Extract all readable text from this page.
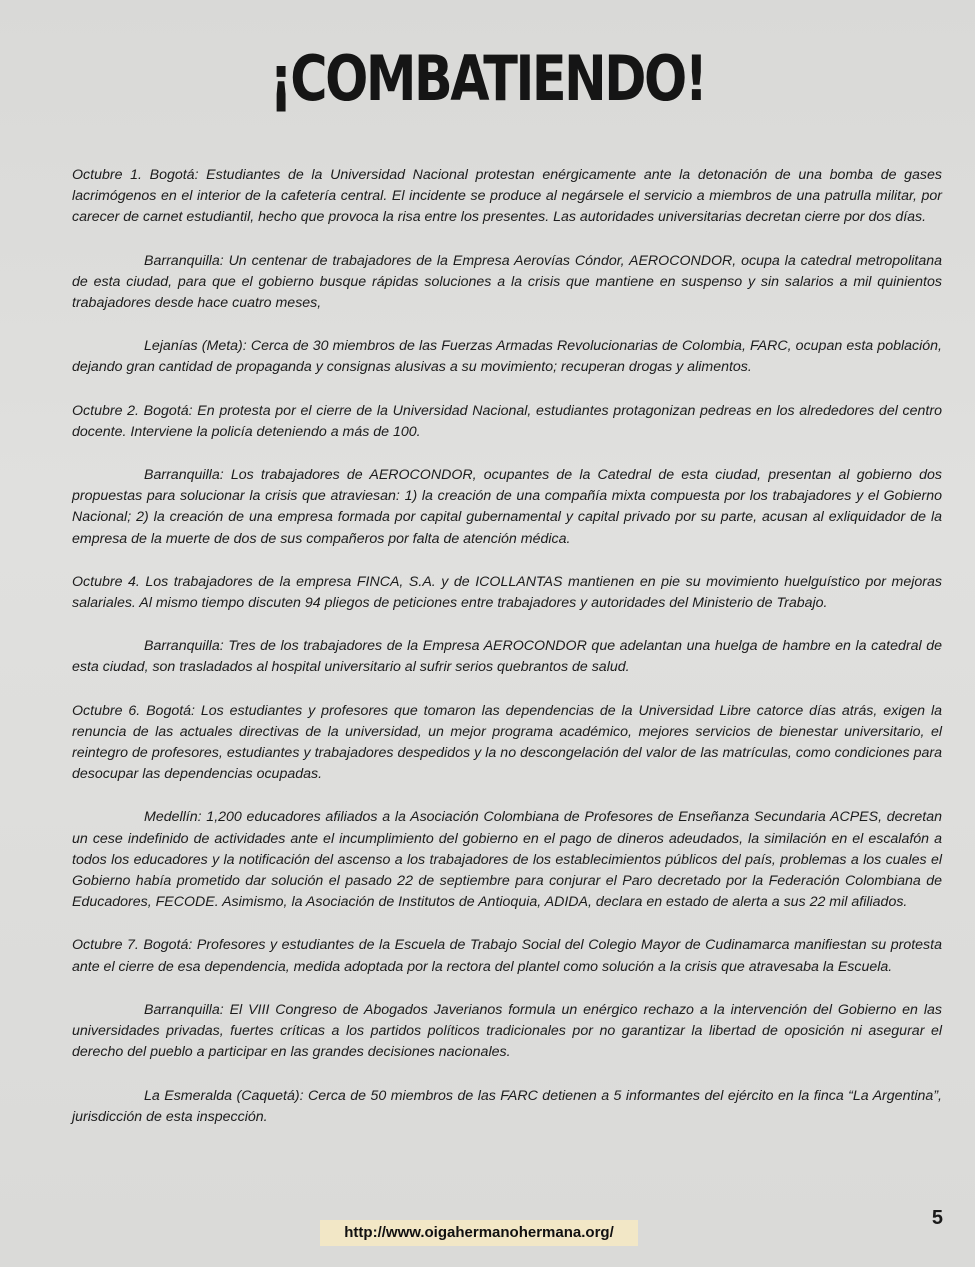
¡COMBATIENDO!

Octubre 1. Bogotá: Estudiantes de la Universidad Nacional protestan enérgicamente ante la detonación de una bomba de gases lacrimógenos en el interior de la cafetería central. El incidente se produce al negársele el servicio a miembros de una patrulla militar, por carecer de carnet estudiantil, hecho que provoca la risa entre los presentes. Las autoridades universitarias decretan cierre por dos días.

Barranquilla: Un centenar de trabajadores de la Empresa Aerovías Cóndor, AEROCONDOR, ocupa la catedral metropolitana de esta ciudad, para que el gobierno busque rápidas soluciones a la crisis que mantiene en suspenso y sin salarios a mil quinientos trabajadores desde hace cuatro meses,

Lejanías (Meta): Cerca de 30 miembros de las Fuerzas Armadas Revolucionarias de Colombia, FARC, ocupan esta población, dejando gran cantidad de propaganda y consignas alusivas a su movimiento; recuperan drogas y alimentos.

Octubre 2. Bogotá: En protesta por el cierre de la Universidad Nacional, estudiantes protagonizan pedreas en los alrededores del centro docente. Interviene la policía deteniendo a más de 100.

Barranquilla: Los trabajadores de AEROCONDOR, ocupantes de la Catedral de esta ciudad, presentan al gobierno dos propuestas para solucionar la crisis que atraviesan: 1) la creación de una compañía mixta compuesta por los trabajadores y el Gobierno Nacional; 2) la creación de una empresa formada por capital gubernamental y capital privado por su parte, acusan al exliquidador de la empresa de la muerte de dos de sus compañeros por falta de atención médica.

Octubre 4. Los trabajadores de la empresa FINCA, S.A. y de ICOLLANTAS mantienen en pie su movimiento huelguístico por mejoras salariales. Al mismo tiempo discuten 94 pliegos de peticiones entre trabajadores y autoridades del Ministerio de Trabajo.

Barranquilla: Tres de los trabajadores de la Empresa AEROCONDOR que adelantan una huelga de hambre en la catedral de esta ciudad, son trasladados al hospital universitario al sufrir serios quebrantos de salud.

Octubre 6. Bogotá: Los estudiantes y profesores que tomaron las dependencias de la Universidad Libre catorce días atrás, exigen la renuncia de las actuales directivas de la universidad, un mejor programa académico, mejores servicios de bienestar universitario, el reintegro de profesores, estudiantes y trabajadores despedidos y la no descongelación del valor de las matrículas, como condiciones para desocupar las dependencias ocupadas.

Medellín: 1,200 educadores afiliados a la Asociación Colombiana de Profesores de Enseñanza Secundaria ACPES, decretan un cese indefinido de actividades ante el incumplimiento del gobierno en el pago de dineros adeudados, la similación en el escalafón a todos los educadores y la notificación del ascenso a los trabajadores de los establecimientos públicos del país, problemas a los cuales el Gobierno había prometido dar solución el pasado 22 de septiembre para conjurar el Paro decretado por la Federación Colombiana de Educadores, FECODE. Asimismo, la Asociación de Institutos de Antioquia, ADIDA, declara en estado de alerta a sus 22 mil afiliados.

Octubre 7. Bogotá: Profesores y estudiantes de la Escuela de Trabajo Social del Colegio Mayor de Cudinamarca manifiestan su protesta ante el cierre de esa dependencia, medida adoptada por la rectora del plantel como solución a la crisis que atravesaba la Escuela.

Barranquilla: El VIII Congreso de Abogados Javerianos formula un enérgico rechazo a la intervención del Gobierno en las universidades privadas, fuertes críticas a los partidos políticos tradicionales por no garantizar la libertad de oposición ni asegurar el derecho del pueblo a participar en las grandes decisiones nacionales.

La Esmeralda (Caquetá): Cerca de 50 miembros de las FARC detienen a 5 informantes del ejército en la finca “La Argentina”, jurisdicción de esta inspección.

5
http://www.oigahermanohermana.org/
